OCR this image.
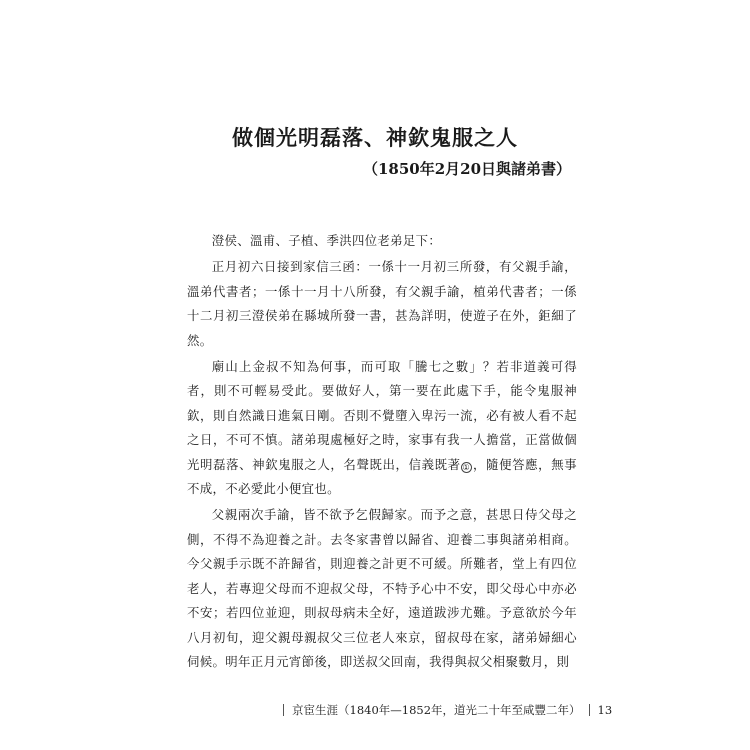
做個光明磊落、神欽鬼服之人
（1850年2月20日與諸弟書）

澄侯、溫甫、子植、季洪四位老弟足下：

正月初六日接到家信三函：一係十一月初三所發，有父親手諭，溫弟代書者；一係十一月十八所發，有父親手諭，植弟代書者；一係十二月初三澄侯弟在縣城所發一書，甚為詳明，使遊子在外，鉅細了然。

廟山上金叔不知為何事，而可取「騰七之數」？若非道義可得者，則不可輕易受此。要做好人，第一要在此處下手，能令鬼服神欽，則自然識日進氣日剛。否則不覺墮入卑污一流，必有被人看不起之日，不可不慎。諸弟現處極好之時，家事有我一人擔當，正當做個光明磊落、神欽鬼服之人，名聲既出，信義既著 ① ，隨便答應，無事不成，不必愛此小便宜也。

父親兩次手諭，皆不欲予乞假歸家。而予之意，甚思日侍父母之側，不得不為迎養之計。去冬家書曾以歸省、迎養二事與諸弟相商。今父親手示既不許歸省，則迎養之計更不可緩。所難者，堂上有四位老人，若專迎父母而不迎叔父母，不特予心中不安，即父母心中亦必不安；若四位並迎，則叔母病未全好，遠道跋涉尤難。予意欲於今年八月初旬，迎父親母親叔父三位老人來京，留叔母在家，諸弟婦細心伺候。明年正月元宵節後，即送叔父回南，我得與叔父相聚數月，則

京宦生涯（1840年—1852年，道光二十年至咸豐二年） 13
